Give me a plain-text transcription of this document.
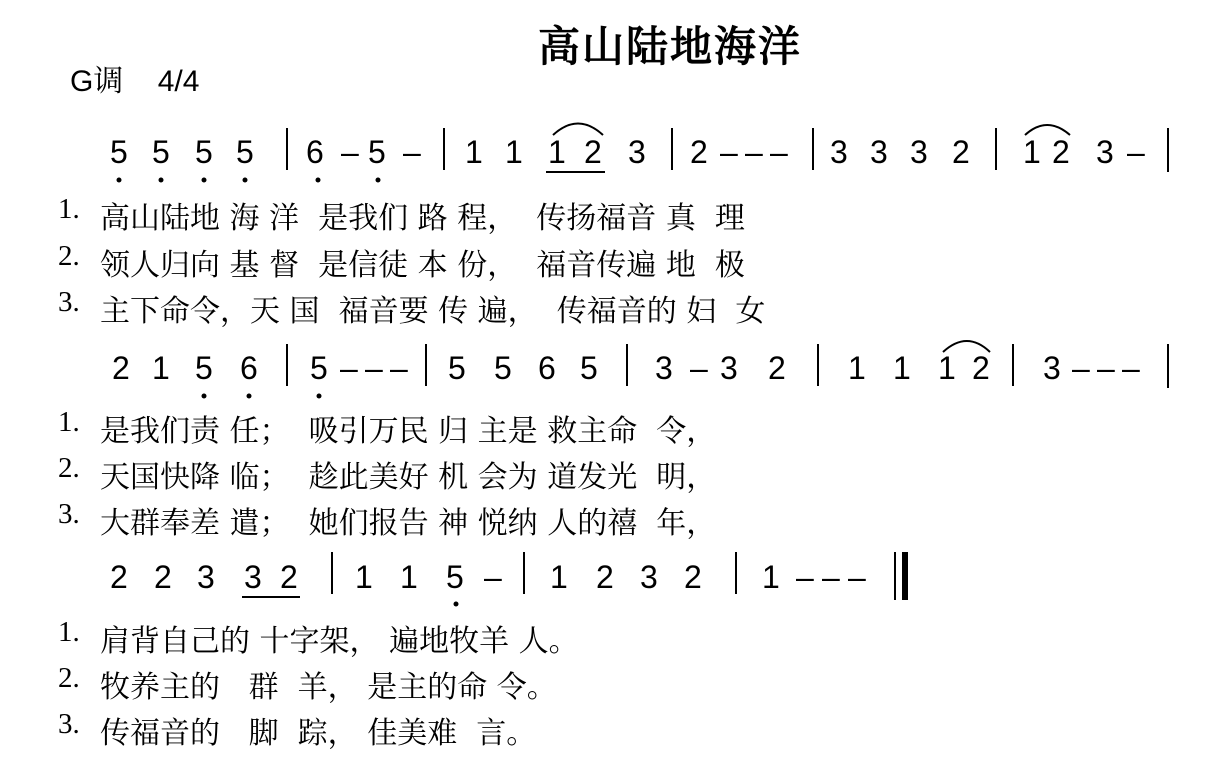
高山陆地海洋
G调 4/4
5 5 5 5 6 – 5 – 1 1 1 2 3 2 – – – 3 3 3 2 1 2 3 –
2 1 5 6 5 – – – 5 5 6 5 3 – 3 2 1 1 1 2 3 – – –
2 2 3 3 2 1 1 5 – 1 2 3 2 1 – – –
1. 高山陆地 海 洋  是我们 路 程，  传扬福音 真  理
2. 领人归向 基 督  是信徒 本 份，  福音传遍 地  极
3. 主下命令，天 国  福音要 传 遍，  传福音的 妇  女
1. 是我们责 任；  吸引万民 归 主是 救主命  令，
2. 天国快降 临；  趁此美好 机 会为 道发光  明，
3. 大群奉差 遣；  她们报告 神 悦纳 人的禧  年，
1. 肩背自己的 十字架， 遍地牧羊 人。
2. 牧养主的   群  羊， 是主的命 令。
3. 传福音的   脚  踪， 佳美难  言。
